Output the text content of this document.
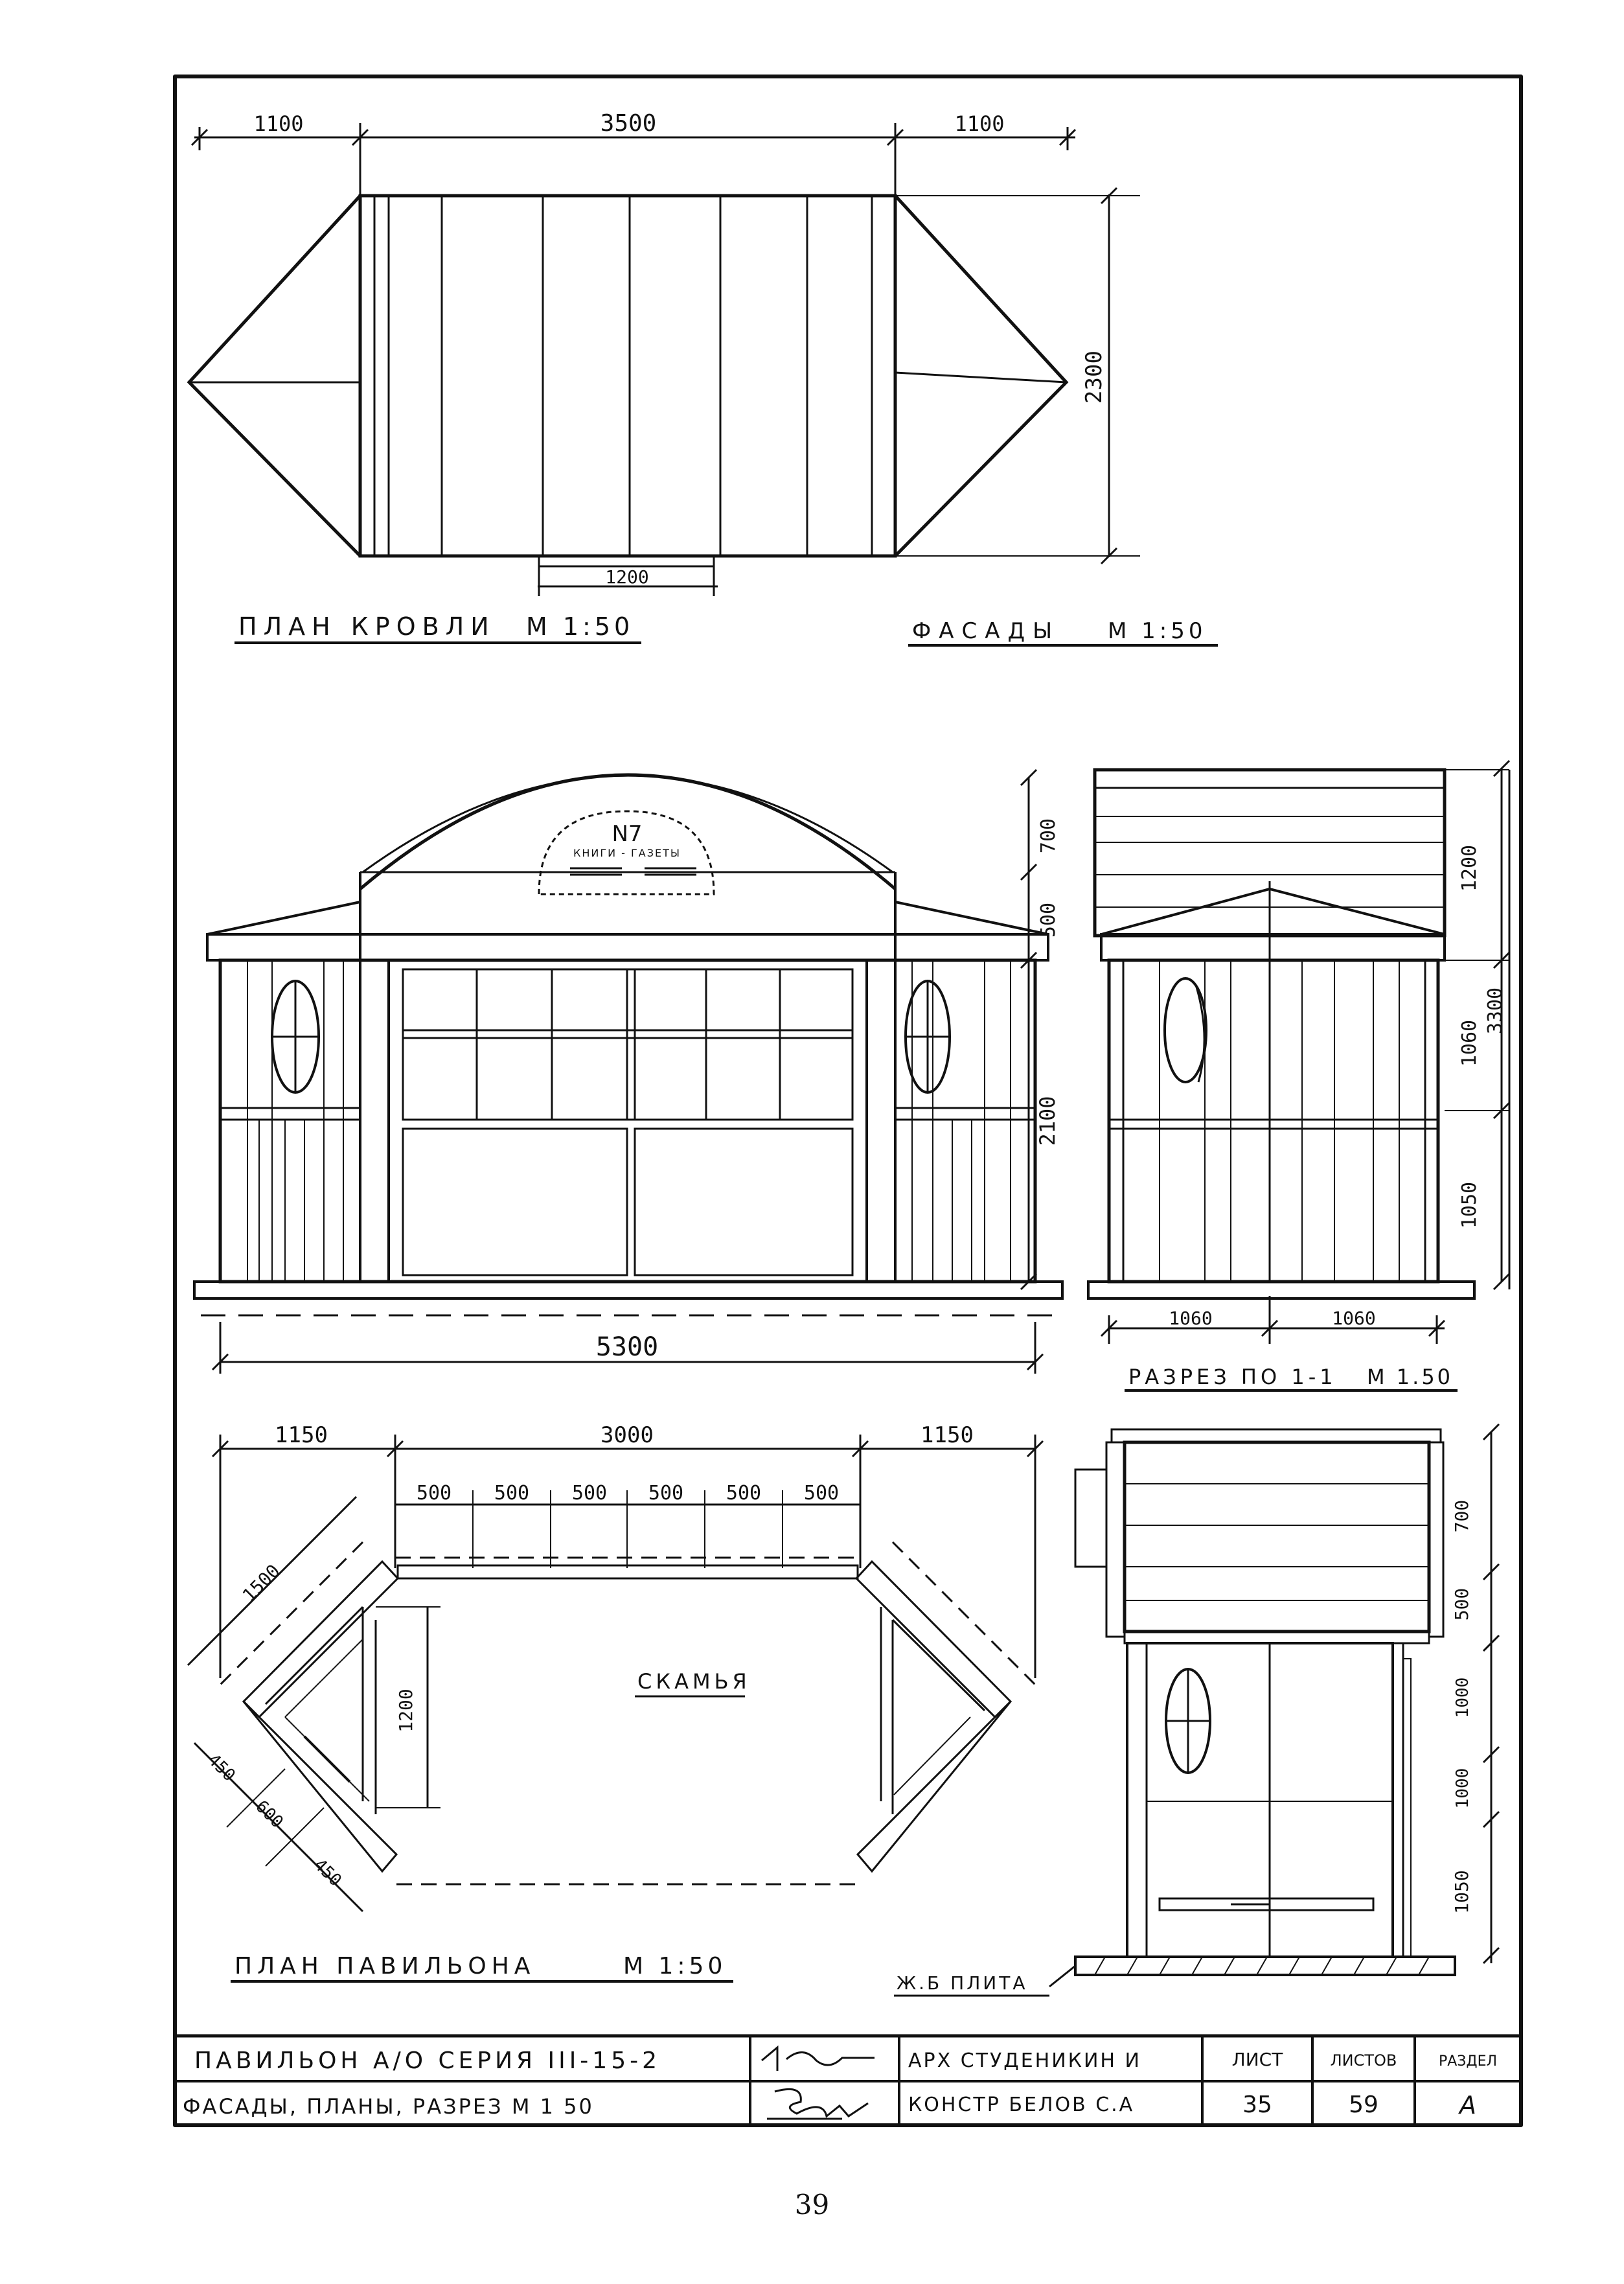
1100	3500	1100
1200
2300
ПЛАН КРОВЛИ М 1:50	ФАСАДЫ М 1:50
N7
КНИГИ - ГАЗЕТЫ	700
500
2100
5300
1200
1060
3300
1050
1060	1060
РАЗРЕЗ ПО 1-1 М 1.50
1150	3000	1150
500 500 500 500 500 500
1500
1200
450
600
450
СКАМЬЯ
ПЛАН ПАВИЛЬОНА	М 1:50
700
500
1000
1000
1050
Ж.Б ПЛИТА
ПАВИЛЬОН А/О СЕРИЯ III-15-2
ФАСАДЫ, ПЛАНЫ, РАЗРЕЗ М 1 50
АРХ СТУДЕНИКИН И
КОНСТР БЕЛОВ С.А
ЛИСТ	ЛИСТОВ	РАЗДЕЛ
35	59	А
39
